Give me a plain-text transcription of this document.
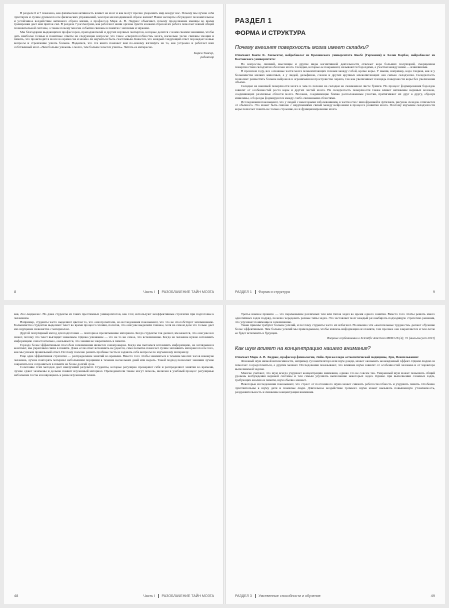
В разделе 6 и 7 показано, как физическая активность влияет на мозг и как могут прочно укоренить мир вокруг нас. Почему мы лучше себя чувствуем и лучше думаем после физических упражнений, чем при малоподвижной образе жизни? Наши эксперты обсуждают положительное и устойчивое воздействие активного образа жизни, а профессор Марк А. В. Эндрюс объясняет, почему продолжение мышцы во время тренировки дает нам приток сил. В разделе 7 рассмотрим, как работают наши органы чувств и каким образом их работа помогает нашей общей познавательной системе, а также почему многие события связаны в памяти с запахами и звуками.

Мы благодарим выдающихся профессоров, преподавателей и других научных экспертов, которые делятся с нами своими знаниями, чтобы дать наиболее точные и понятные ответы на следующие вопросы: что такое «сверхспособности» мозга, насколько тесно связаны эмоции и память, что происходит в мозге во время сна и можно ли научиться быть счастливым. Кажется, что каждый следующий ответ порождает новые вопросы и стремление узнать больше. Надеемся, что эта книга поможет вам по-новому взглянуть на то, как устроено и работает ваш собственный мозг. «Чем больше узнаешь о мозге, тем больше хочется узнать». Читать ее интересно.

Карен Томсер,
редактор

8	Часть I РАЗОБЛАЧЕНИЕ ТАЙН МОЗГА

РАЗДЕЛ 1

ФОРМА И СТРУКТУРА

Почему внешняя поверхность мозга имеет складки?

Отвечают Конте К. Хильгетаг, нейробиолог из Бременского университета Якобс (Германия) и Хелен Барбас, нейробиолог из Бостонского университета:

Во вопросом, лишний, мыслящие и другие виды когнитивной деятельности отвечает кора больших полушарий, сморщенная поверхностная складчатая оболочка мозга. Складки, которые ее покрывают, называются бороздами, а участки между ними — извилинами.

В прошлом году, все основные части мозга млекопитающих похожи между собой, кроме коры. У мыши, например, кора гладкая, как и у большинства мелких животных, а у людей, дельфинов, слонов и других крупных млекопитающих она сильно складчатая. Складчатость позволяет разместить больше нейронов в ограниченном пространстве черепа, так как увеличивает площадь поверхности коры без увеличения объема.

Складки на внешней поверхности мозга в чем-то похожи на складки на скомканном листе бумаги. Но процесс формирования бороздок зависит от особенностей роста коры и других частей мозга. На складчатость поверхности также влияет натяжение нервных волокон, соединяющих различные области мозга. Волокна, соединяющие близко расположенные участки, притягивают их друг к другу, образуя извилины, а борозды формируются между слабо связанными областями.

Исследования показывают, что у людей с некоторыми заболеваниями, в частности с шизофренией и аутизмом, рисунок складок отличается от обычного. Это может быть связано с нарушениями связей между нейронами в процессе развития мозга. Поэтому изучение складчатости коры помогает понять не только строение, но и функционирование мозга.

РАЗДЕЛ 1 Форма и структура	9

вая, Лос-Анджелес. Но даже студенты из таких престижных университетов, как этот, используют неэффективные стратегии при подготовке к экзаменам.

Например, студенты часто выделяют цветом то, что они прочитали, но исследования показывают, что это не способствует запоминанию. Большинство студентов выделяют текст во время процесса чтения, полагая, что они уже выделили главное, хотя на самом деле это только дает им ощущение знакомства с материалом.

Другой популярный метод для подготовки — повторное прочитывание материала. Когда студенты так делают, им кажется, что они уже все знают, потому что текст выглядит знакомым. Однако узнавание — это не то же самое, что вспоминание. Когда на экзамене нужно вспомнить информацию самостоятельно, оказывается, что знания не закрепились в памяти.

Гораздо более эффективным способом запоминания является самопроверка. Когда мы пытаемся вспомнить информацию, не заглядывая в конспект, мы укрепляем связи в памяти. Даже если ответ вспомнить не удается, сама попытка помогает лучше запомнить материал после того, как мы узнаем правильный ответ. Поэтому полезно решать пробные тесты и задавать себе вопросы по изученному материалу.

Еще одна эффективная стратегия — распределение занятий во времени. Вместо того чтобы заниматься в течение многих часов накануне экзамена, лучше повторять материал небольшими порциями в течение нескольких дней или недель. Такой подход позволяет знаниям лучше закрепиться и сохраниться в памяти на более долгий срок.

Сочетание этих методов дает наилучший результат. Студенты, которые регулярно проверяют себя и распределяют занятия во времени, лучше сдают экзамены и дольше помнят изученный материал. Преподаватели также могут помочь, включая в учебный процесс регулярные небольшие тесты и возвращаясь к ранее изученным темам.

48	Часть I РАЗОБЛАЧЕНИЕ ТАЙН МОЗГА

Третье важное правило — это перемежение различных тем или типов задач во время одного занятия. Вместо того чтобы решать много однотипных задач подряд, полезно чередовать разные типы задач. Это заставляет мозг каждый раз выбирать подходящую стратегию решения, что улучшает понимание и запоминание.

Такие приемы требуют больше усилий, и поэтому студенты часто их избегают. Но именно эти «желательные трудности» делают обучение более эффективным. Чем больше усилий мы прикладываем, чтобы извлечь информацию из памяти, тем прочнее она закрепляется и тем легче ее будет вспомнить в будущем.

Впервые опубликовано в Scientific American MIND 26 (4); 72 (июль/август 2015)

Как шум влияет на концентрацию нашего внимания?

Отвечает Марк А. В. Эндрюс, профессор физиологии, Лейк-Эри колледж остеопатической медицины, Эри, Пенсильвания:

Фоновый шум низкой интенсивности, например гул вентилятора или шум дождя, может оказывать неожиданный эффект. Одним людям он помогает сосредоточиться, а другим мешает. Исследования показывают, что влияние шума зависит от особенностей человека и от характера выполняемой задачи.

Многие считают, что шум всегда ухудшает концентрацию внимания, однако это не совсем так. Умеренный шум может повышать общий уровень возбуждения нервной системы и тем самым улучшать выполнение некоторых задач. Однако при выполнении сложных задач, требующих анализа и памяти, шум обычно мешает.

Некоторые исследования показывают, что стресс от постоянного шума может снижать работоспособность и ухудшать память. Особенно чувствительны к шуму дети и пожилые люди. Длительное воздействие громкого шума может вызывать повышенную утомляемость, раздражительность и снижение концентрации внимания.

РАЗДЕЛ 3 Умственные способности и обучение	49
